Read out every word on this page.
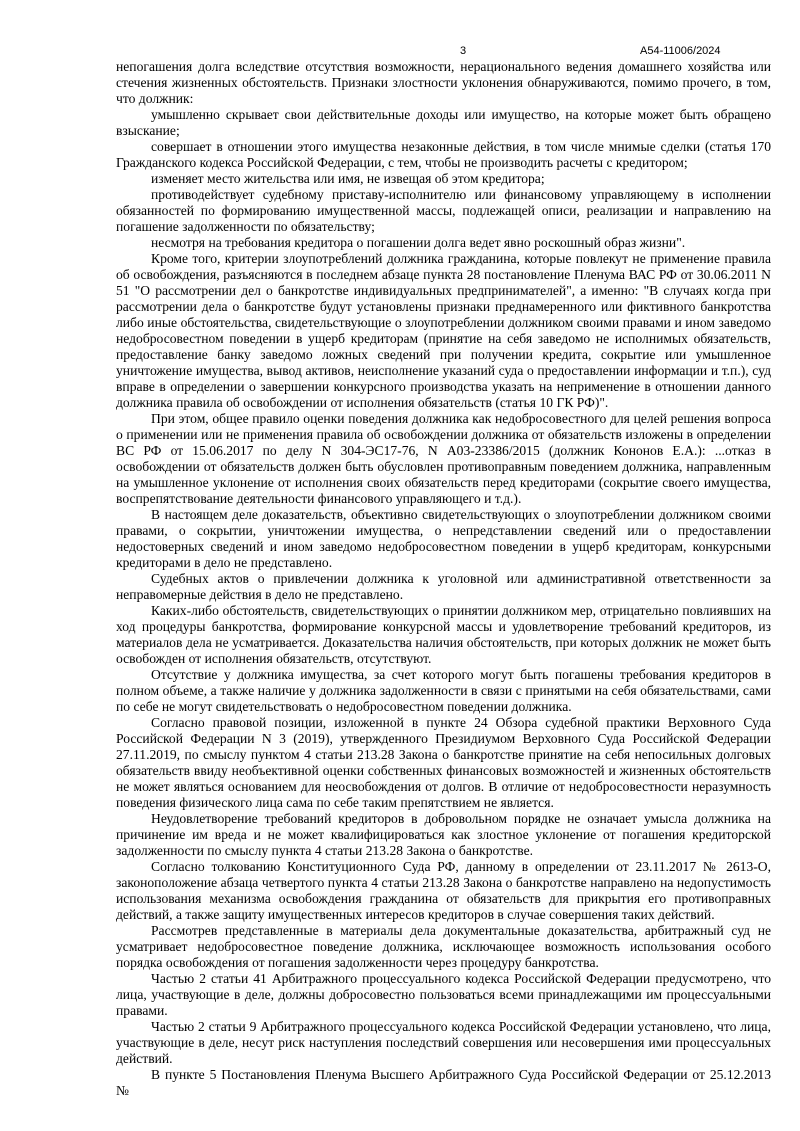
3	А54-11006/2024

непогашения долга вследствие отсутствия возможности, нерационального ведения домашнего хозяйства или стечения жизненных обстоятельств. Признаки злостности уклонения обнаруживаются, помимо прочего, в том, что должник:

умышленно скрывает свои действительные доходы или имущество, на которые может быть обращено взыскание;

совершает в отношении этого имущества незаконные действия, в том числе мнимые сделки (статья 170 Гражданского кодекса Российской Федерации, с тем, чтобы не производить расчеты с кредитором;

изменяет место жительства или имя, не извещая об этом кредитора;

противодействует судебному приставу-исполнителю или финансовому управляющему в исполнении обязанностей по формированию имущественной массы, подлежащей описи, реализации и направлению на погашение задолженности по обязательству;

несмотря на требования кредитора о погашении долга ведет явно роскошный образ жизни".

Кроме того, критерии злоупотреблений должника гражданина, которые повлекут не применение правила об освобождения, разъясняются в последнем абзаце пункта 28 постановление Пленума ВАС РФ от 30.06.2011 N 51 "О рассмотрении дел о банкротстве индивидуальных предпринимателей", а именно: "В случаях когда при рассмотрении дела о банкротстве будут установлены признаки преднамеренного или фиктивного банкротства либо иные обстоятельства, свидетельствующие о злоупотреблении должником своими правами и ином заведомо недобросовестном поведении в ущерб кредиторам (принятие на себя заведомо не исполнимых обязательств, предоставление банку заведомо ложных сведений при получении кредита, сокрытие или умышленное уничтожение имущества, вывод активов, неисполнение указаний суда о предоставлении информации и т.п.), суд вправе в определении о завершении конкурсного производства указать на неприменение в отношении данного должника правила об освобождении от исполнения обязательств (статья 10 ГК РФ)".

При этом, общее правило оценки поведения должника как недобросовестного для целей решения вопроса о применении или не применения правила об освобождении должника от обязательств изложены в определении ВС РФ от 15.06.2017 по делу N 304-ЭС17-76, N А03-23386/2015 (должник Кононов Е.А.): ...отказ в освобождении от обязательств должен быть обусловлен противоправным поведением должника, направленным на умышленное уклонение от исполнения своих обязательств перед кредиторами (сокрытие своего имущества, воспрепятствование деятельности финансового управляющего и т.д.).

В настоящем деле доказательств, объективно свидетельствующих о злоупотреблении должником своими правами, о сокрытии, уничтожении имущества, о непредставлении сведений или о предоставлении недостоверных сведений и ином заведомо недобросовестном поведении в ущерб кредиторам, конкурсными кредиторами в дело не представлено.

Судебных актов о привлечении должника к уголовной или административной ответственности за неправомерные действия в дело не представлено.

Каких-либо обстоятельств, свидетельствующих о принятии должником мер, отрицательно повлиявших на ход процедуры банкротства, формирование конкурсной массы и удовлетворение требований кредиторов, из материалов дела не усматривается. Доказательства наличия обстоятельств, при которых должник не может быть освобожден от исполнения обязательств, отсутствуют.

Отсутствие у должника имущества, за счет которого могут быть погашены требования кредиторов в полном объеме, а также наличие у должника задолженности в связи с принятыми на себя обязательствами, сами по себе не могут свидетельствовать о недобросовестном поведении должника.

Согласно правовой позиции, изложенной в пункте 24 Обзора судебной практики Верховного Суда Российской Федерации N 3 (2019), утвержденного Президиумом Верховного Суда Российской Федерации 27.11.2019, по смыслу пунктом 4 статьи 213.28 Закона о банкротстве принятие на себя непосильных долговых обязательств ввиду необъективной оценки собственных финансовых возможностей и жизненных обстоятельств не может являться основанием для неосвобождения от долгов. В отличие от недобросовестности неразумность поведения физического лица сама по себе таким препятствием не является.

Неудовлетворение требований кредиторов в добровольном порядке не означает умысла должника на причинение им вреда и не может квалифицироваться как злостное уклонение от погашения кредиторской задолженности по смыслу пункта 4 статьи 213.28 Закона о банкротстве.

Согласно толкованию Конституционного Суда РФ, данному в определении от 23.11.2017 № 2613-О, законоположение абзаца четвертого пункта 4 статьи 213.28 Закона о банкротстве направлено на недопустимость использования механизма освобождения гражданина от обязательств для прикрытия его противоправных действий, а также защиту имущественных интересов кредиторов в случае совершения таких действий.

Рассмотрев представленные в материалы дела документальные доказательства, арбитражный суд не усматривает недобросовестное поведение должника, исключающее возможность использования особого порядка освобождения от погашения задолженности через процедуру банкротства.

Частью 2 статьи 41 Арбитражного процессуального кодекса Российской Федерации предусмотрено, что лица, участвующие в деле, должны добросовестно пользоваться всеми принадлежащими им процессуальными правами.

Частью 2 статьи 9 Арбитражного процессуального кодекса Российской Федерации установлено, что лица, участвующие в деле, несут риск наступления последствий совершения или несовершения ими процессуальных действий.

В пункте 5 Постановления Пленума Высшего Арбитражного Суда Российской Федерации от 25.12.2013 №
